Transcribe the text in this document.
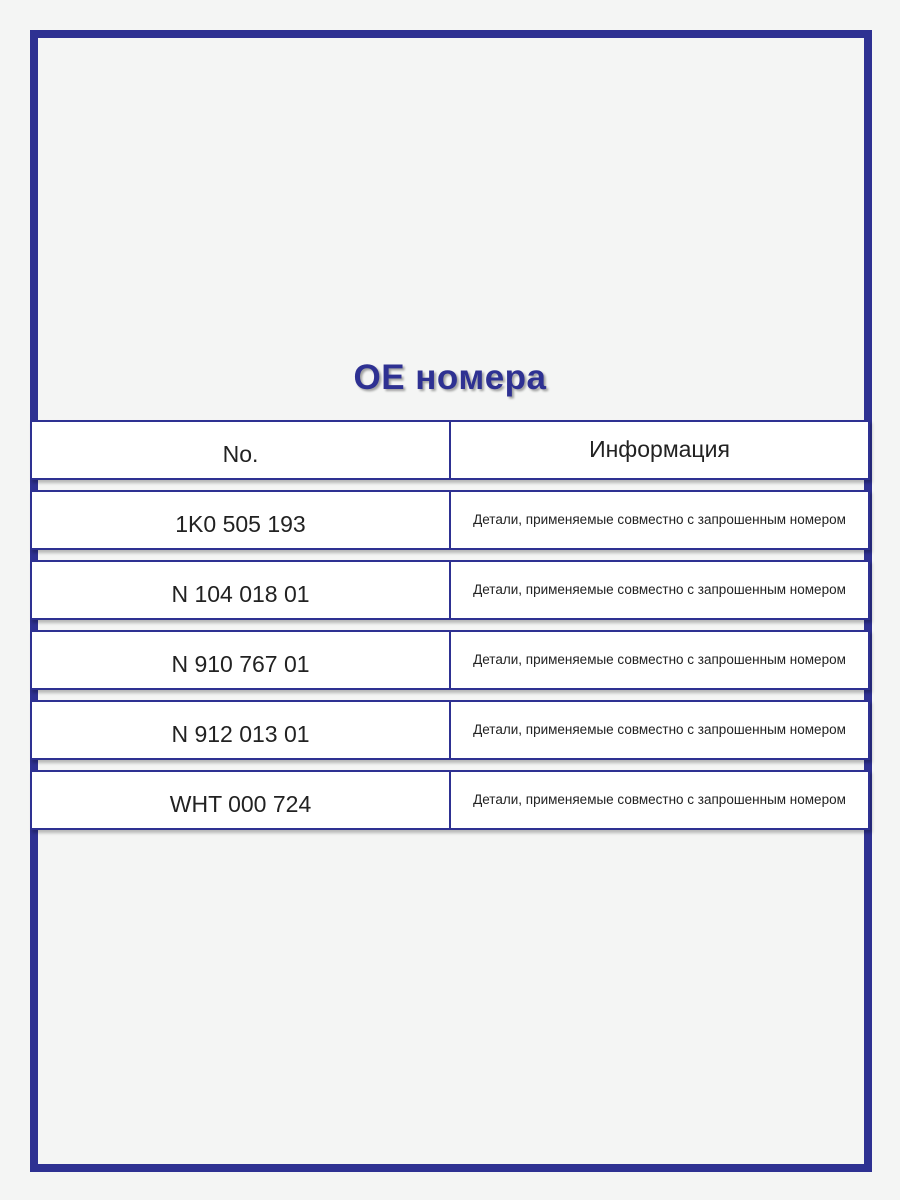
OE номера
No.	Информация
1K0 505 193	Детали, применяемые совместно с запрошенным номером
N 104 018 01	Детали, применяемые совместно с запрошенным номером
N 910 767 01	Детали, применяемые совместно с запрошенным номером
N 912 013 01	Детали, применяемые совместно с запрошенным номером
WHT 000 724	Детали, применяемые совместно с запрошенным номером
